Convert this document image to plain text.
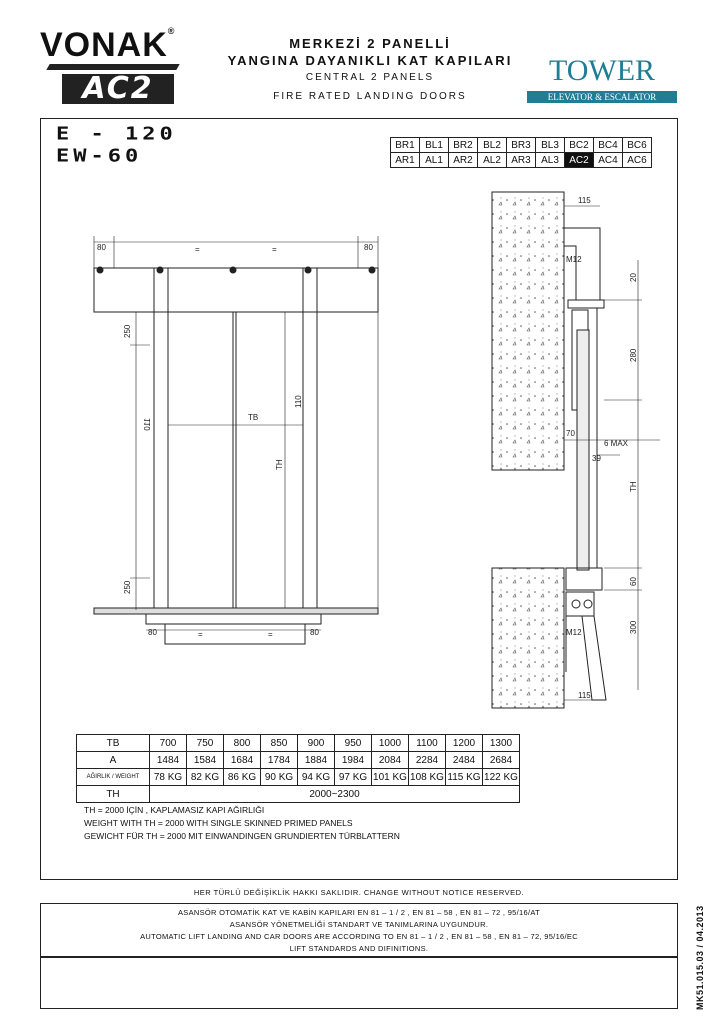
VONAK®
AC2
MERKEZİ 2 PANELLİ
YANGINA DAYANIKLI KAT KAPILARI
CENTRAL 2 PANELS
FIRE RATED LANDING DOORS
TOWER
ELEVATOR & ESCALATOR
E - 120
EW-60
BR1	BL1	BR2	BL2	BR3	BL3	BC2	BC4	BC6
AR1	AL1	AR2	AL2	AR3	AL3	AC2	AC4	AC6
80	=	=	80
250
250
110
TB
TH
80	=	=	80
110
115
M12
20
280
70
6 MAX
39
TH
60
300
M12
115
TB	700	750	800	850	900	950	1000	1100	1200	1300
A	1484	1584	1684	1784	1884	1984	2084	2284	2484	2684
AĞIRLIK / WEIGHT	78 KG	82 KG	86 KG	90 KG	94 KG	97 KG	101 KG	108 KG	115 KG	122 KG
TH	2000~2300									
TH = 2000 İÇİN , KAPLAMASIZ KAPI AĞIRLIĞI
WEIGHT WITH TH = 2000 WITH SINGLE SKINNED PRIMED PANELS
GEWICHT FÜR TH = 2000 MIT EINWANDINGEN GRUNDIERTEN TÜRBLATTERN
HER TÜRLÜ DEĞİŞİKLİK HAKKI SAKLIDIR. CHANGE WITHOUT NOTICE RESERVED.
ASANSÖR OTOMATİK KAT VE KABİN KAPILARI EN 81 – 1 / 2 , EN 81 – 58 , EN 81 – 72 , 95/16/AT
ASANSÖR YÖNETMELİĞİ STANDART VE TANIMLARINA UYGUNDUR.
AUTOMATIC LIFT LANDING AND CAR DOORS ARE ACCORDING TO EN 81 – 1 / 2 , EN 81 – 58 , EN 81 – 72, 95/16/EC
LIFT STANDARDS AND DIFINITIONS.	MK51.015.03 / 04.2013
